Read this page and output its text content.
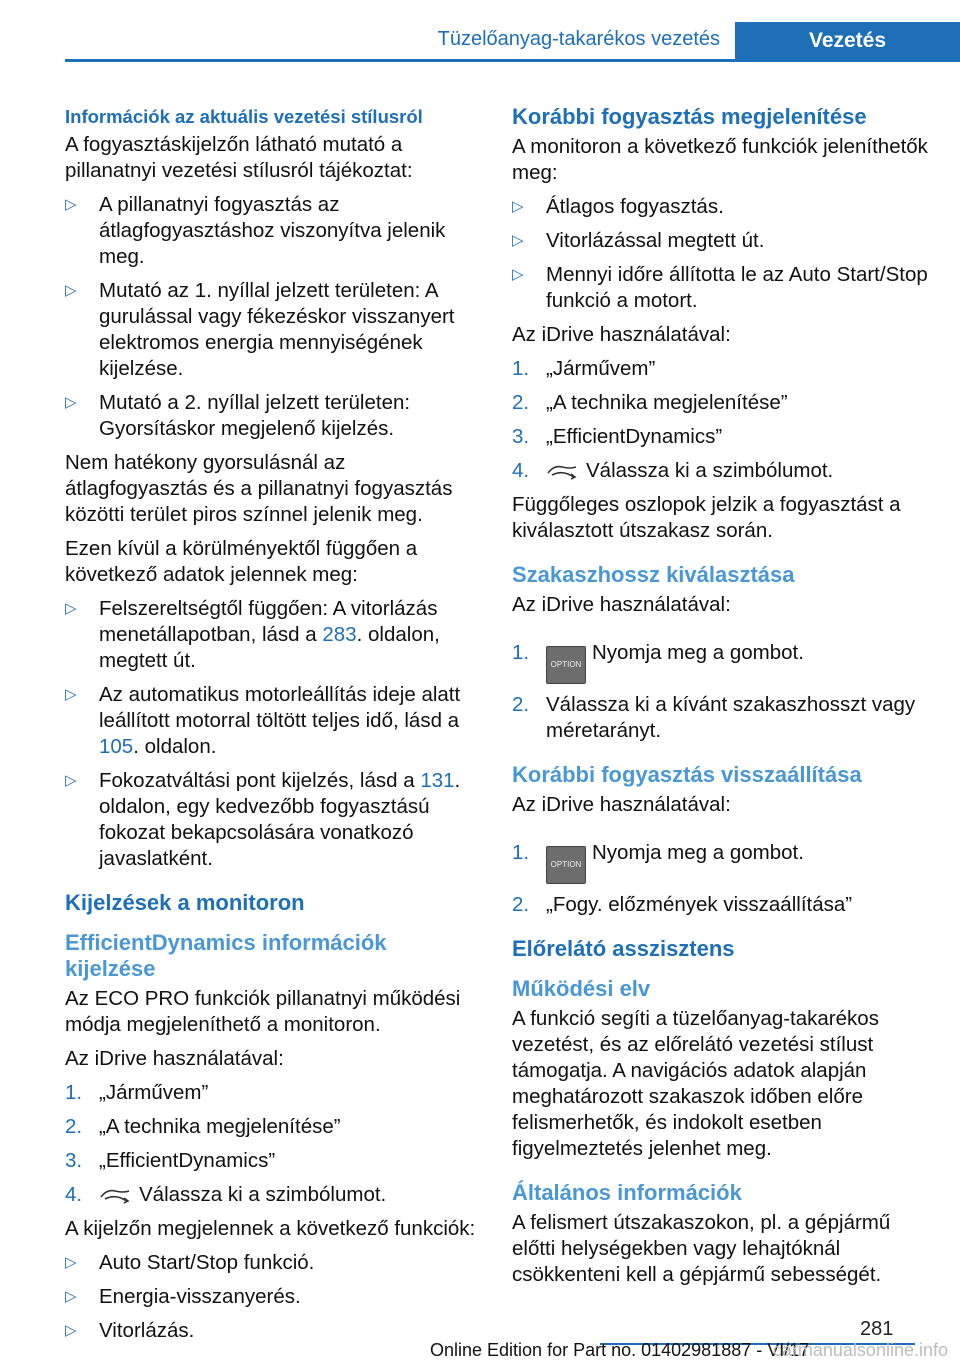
Tüzelőanyag-takarékos vezetés	Vezetés
Információk az aktuális vezetési stílusról

A fogyasztáskijelzőn látható mutató a pillanatnyi vezetési stílusról tájékoztat:

▷ A pillanatnyi fogyasztás az átlagfogyasztáshoz viszonyítva jelenik meg.
▷ Mutató az 1. nyíllal jelzett területen: A gurulással vagy fékezéskor visszanyert elektromos energia mennyiségének kijelzése.
▷ Mutató a 2. nyíllal jelzett területen: Gyorsításkor megjelenő kijelzés.

Nem hatékony gyorsulásnál az átlagfogyasztás és a pillanatnyi fogyasztás közötti terület piros színnel jelenik meg.

Ezen kívül a körülményektől függően a következő adatok jelennek meg:

▷ Felszereltségtől függően: A vitorlázás menetállapotban, lásd a 283. oldalon, megtett út.
▷ Az automatikus motorleállítás ideje alatt leállított motorral töltött teljes idő, lásd a 105. oldalon.
▷ Fokozatváltási pont kijelzés, lásd a 131. oldalon, egy kedvezőbb fogyasztású fokozat bekapcsolására vonatkozó javaslatként.
Kijelzések a monitoron
EfficientDynamics információk kijelzése

Az ECO PRO funkciók pillanatnyi működési módja megjeleníthető a monitoron.

Az iDrive használatával:

1. „Járművem”
2. „A technika megjelenítése”
3. „EfficientDynamics”
4.	Válassza ki a szimbólumot.

A kijelzőn megjelennek a következő funkciók:

▷ Auto Start/Stop funkció.
▷ Energia-visszanyerés.
▷ Vitorlázás.
Korábbi fogyasztás megjelenítése

A monitoron a következő funkciók jeleníthetők meg:

▷ Átlagos fogyasztás.
▷ Vitorlázással megtett út.
▷ Mennyi időre állította le az Auto Start/Stop funkció a motort.

Az iDrive használatával:

1. „Járművem”
2. „A technika megjelenítése”
3. „EfficientDynamics”
4.	Válassza ki a szimbólumot.

Függőleges oszlopok jelzik a fogyasztást a kiválasztott útszakasz során.

Szakaszhossz kiválasztása

Az iDrive használatával:

1.
OPTIONNyomja meg a gombot.
2. Válassza ki a kívánt szakaszhosszt vagy méretarányt.
Korábbi fogyasztás visszaállítása

Az iDrive használatával:

1.
OPTIONNyomja meg a gombot.
2. „Fogy. előzmények visszaállítása”
Előrelátó asszisztens
Működési elv

A funkció segíti a tüzelőanyag-takarékos vezetést, és az előrelátó vezetési stílust támogatja. A navigációs adatok alapján meghatározott szakaszok időben előre felismerhetők, és indokolt esetben figyelmeztetés jelenhet meg.

Általános információk

A felismert útszakaszokon, pl. a gépjármű előtti helységekben vagy lehajtóknál csökkenteni kell a gépjármű sebességét.

281
Online Edition for Part no. 01402981887 - VI/17
carmanualsonline.info
